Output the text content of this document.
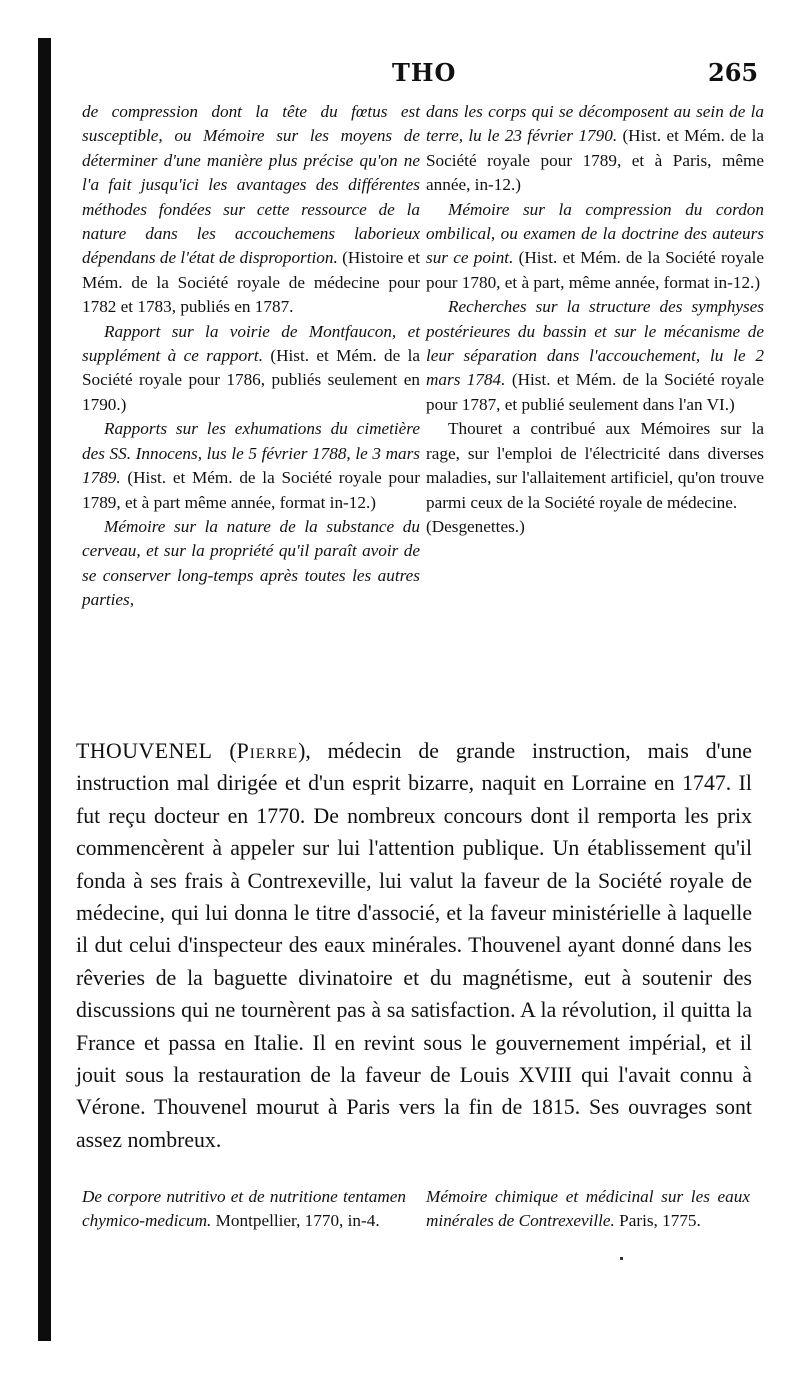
THO	265

de compression dont la tête du fœtus est susceptible, ou Mémoire sur les moyens de déterminer d'une manière plus précise qu'on ne l'a fait jusqu'ici les avantages des différentes méthodes fondées sur cette ressource de la nature dans les accouchemens laborieux dépendans de l'état de disproportion. (Histoire et Mém. de la Société royale de médecine pour 1782 et 1783, publiés en 1787.

Rapport sur la voirie de Montfaucon, et supplément à ce rapport. (Hist. et Mém. de la Société royale pour 1786, publiés seulement en 1790.)

Rapports sur les exhumations du cimetière des SS. Innocens, lus le 5 février 1788, le 3 mars 1789. (Hist. et Mém. de la Société royale pour 1789, et à part même année, format in-12.)

Mémoire sur la nature de la substance du cerveau, et sur la propriété qu'il paraît avoir de se conserver long-temps après toutes les autres parties,

dans les corps qui se décomposent au sein de la terre, lu le 23 février 1790. (Hist. et Mém. de la Société royale pour 1789, et à Paris, même année, in-12.)

Mémoire sur la compression du cordon ombilical, ou examen de la doctrine des auteurs sur ce point. (Hist. et Mém. de la Société royale pour 1780, et à part, même année, format in-12.)

Recherches sur la structure des symphyses postérieures du bassin et sur le mécanisme de leur séparation dans l'accouchement, lu le 2 mars 1784. (Hist. et Mém. de la Société royale pour 1787, et publié seulement dans l'an VI.)

Thouret a contribué aux Mémoires sur la rage, sur l'emploi de l'électricité dans diverses maladies, sur l'allaitement artificiel, qu'on trouve parmi ceux de la Société royale de médecine.

(Desgenettes.)

THOUVENEL (Pierre), médecin de grande instruction, mais d'une instruction mal dirigée et d'un esprit bizarre, naquit en Lorraine en 1747. Il fut reçu docteur en 1770. De nombreux concours dont il remporta les prix commencèrent à appeler sur lui l'attention publique. Un établissement qu'il fonda à ses frais à Contrexeville, lui valut la faveur de la Société royale de médecine, qui lui donna le titre d'associé, et la faveur ministérielle à laquelle il dut celui d'inspecteur des eaux minérales. Thouvenel ayant donné dans les rêveries de la baguette divinatoire et du magnétisme, eut à soutenir des discussions qui ne tournèrent pas à sa satisfaction. A la révolution, il quitta la France et passa en Italie. Il en revint sous le gouvernement impérial, et il jouit sous la restauration de la faveur de Louis XVIII qui l'avait connu à Vérone. Thouvenel mourut à Paris vers la fin de 1815. Ses ouvrages sont assez nombreux.

De corpore nutritivo et de nutritione tentamen chymico-medicum. Montpellier, 1770, in-4.

Mémoire chimique et médicinal sur les eaux minérales de Contrexeville. Paris, 1775.
